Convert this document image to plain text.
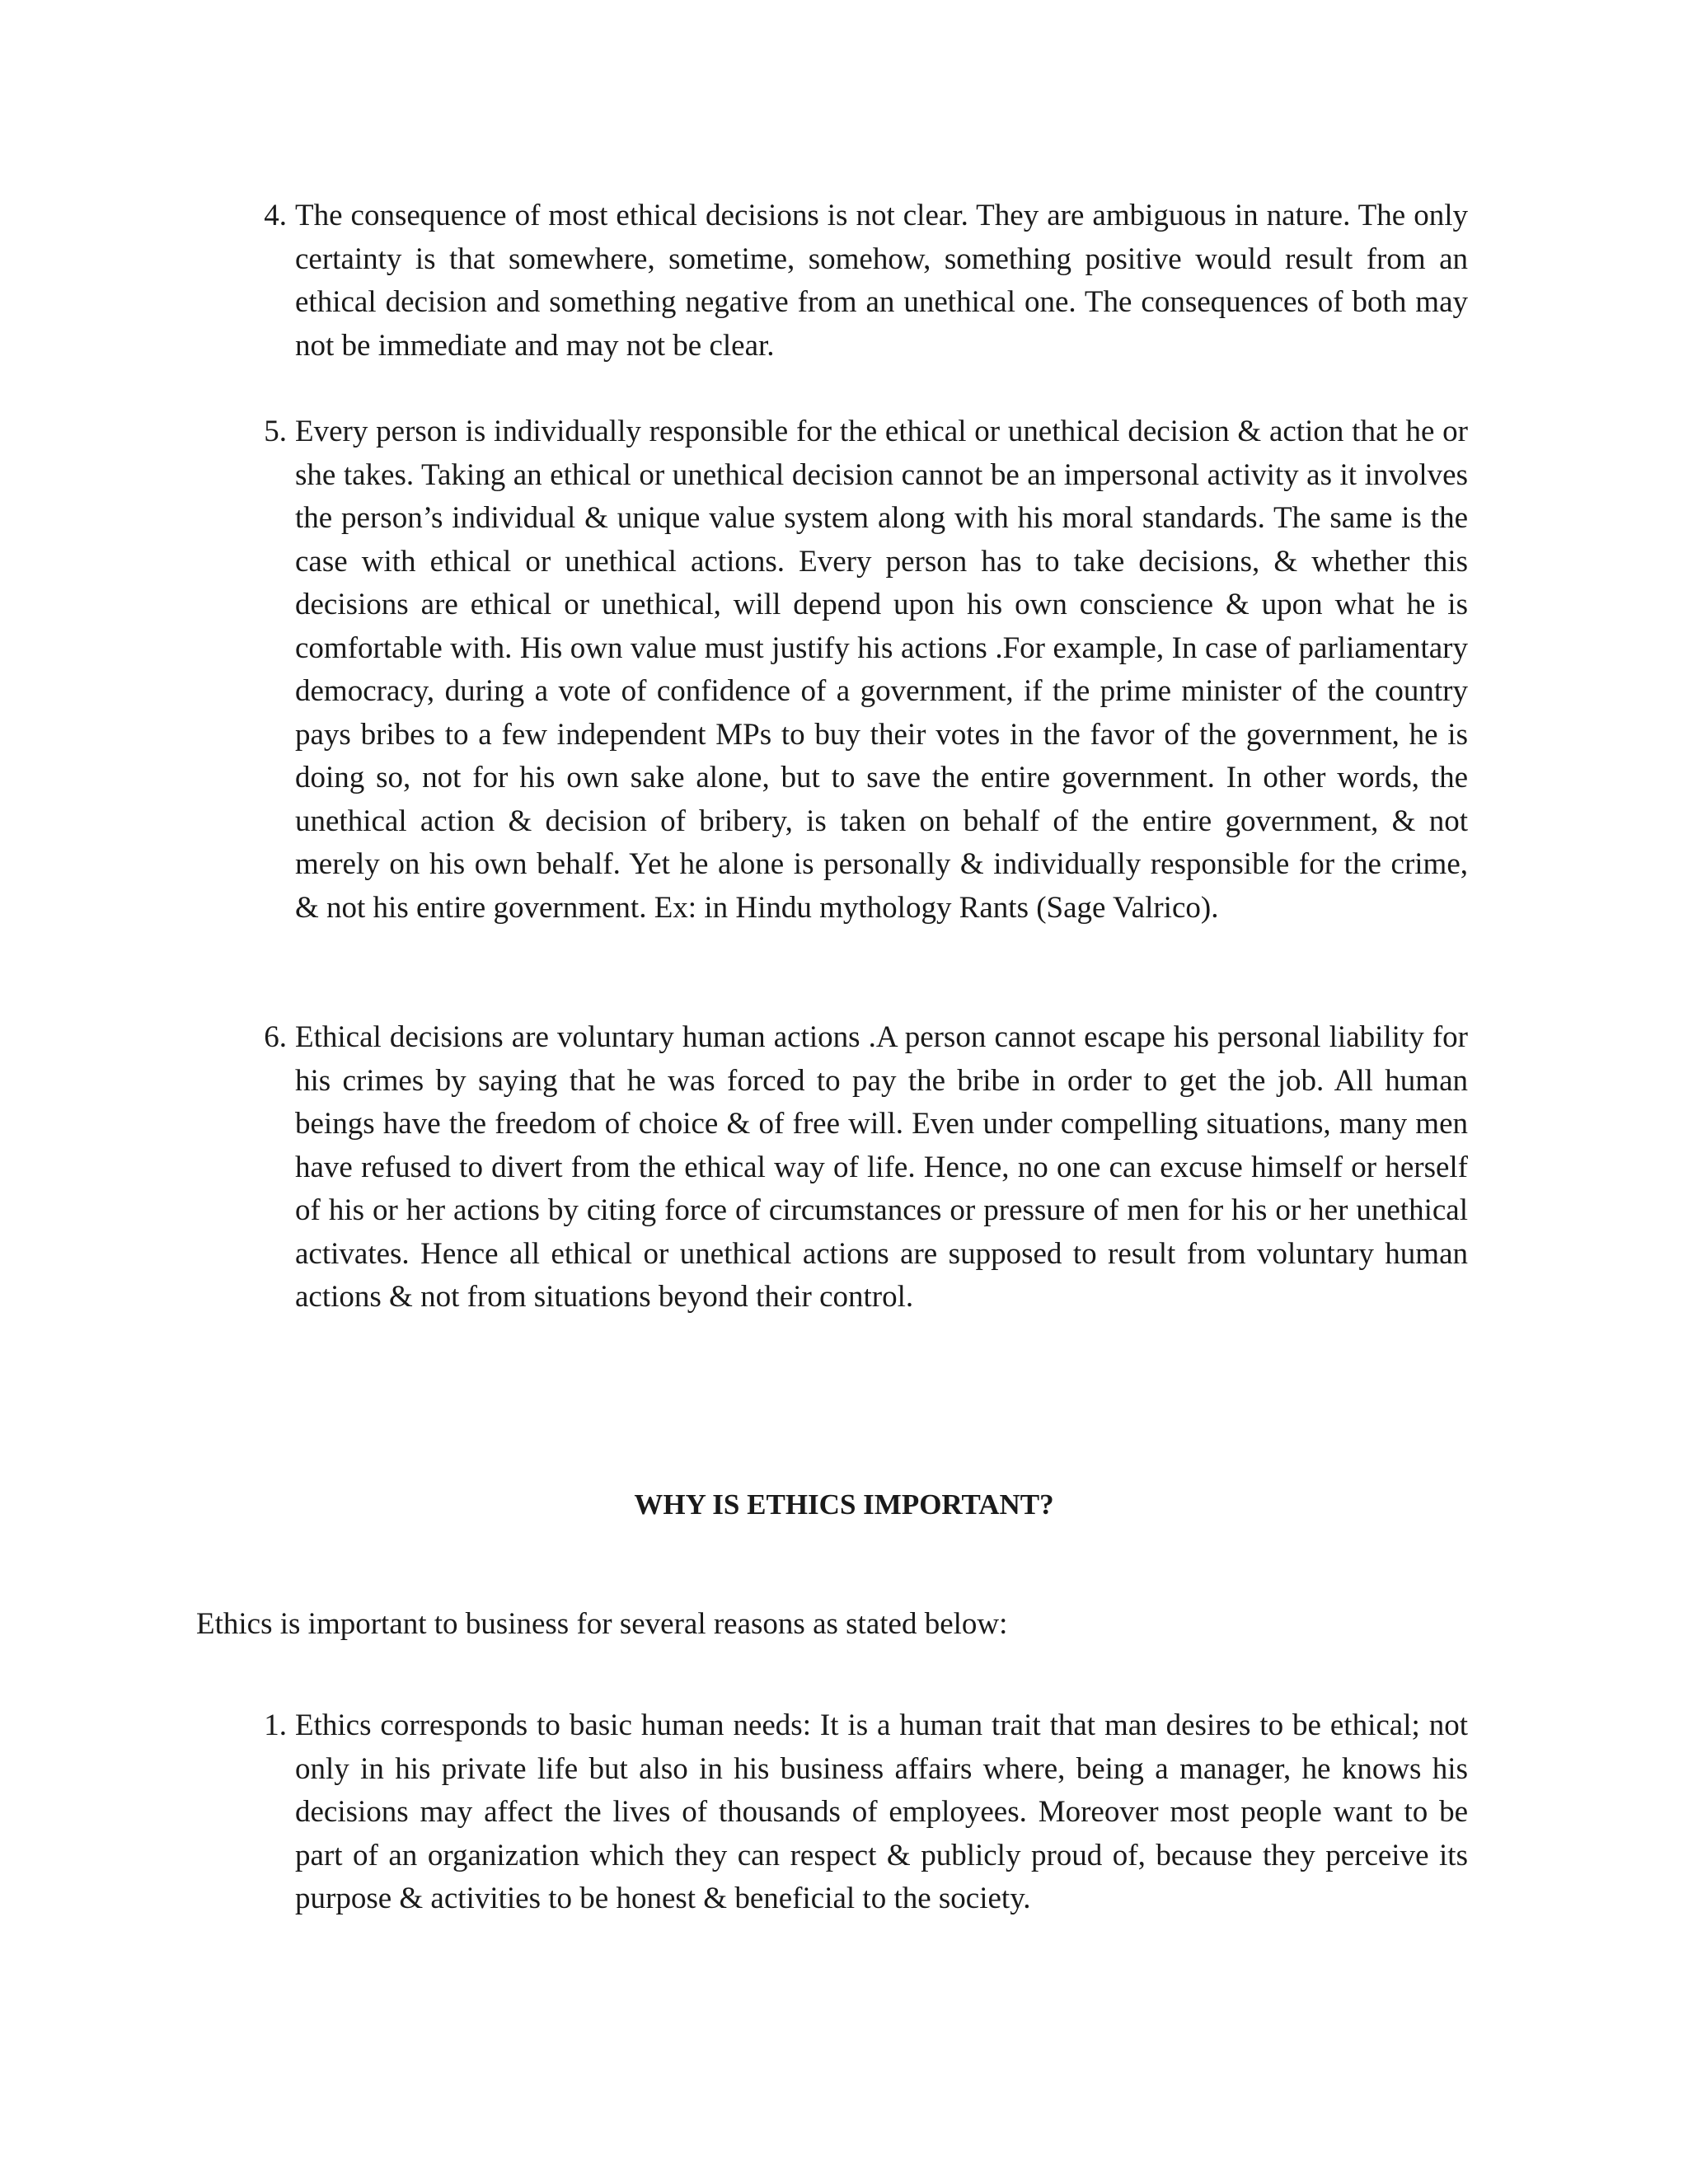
4. The consequence of most ethical decisions is not clear. They are ambiguous in nature. The only certainty is that somewhere, sometime, somehow, something positive would result from an ethical decision and something negative from an unethical one. The consequences of both may not be immediate and may not be clear.
5. Every person is individually responsible for the ethical or unethical decision & action that he or she takes. Taking an ethical or unethical decision cannot be an impersonal activity as it involves the person’s individual & unique value system along with his moral standards. The same is the case with ethical or unethical actions. Every person has to take decisions, & whether this decisions are ethical or unethical, will depend upon his own conscience & upon what he is comfortable with. His own value must justify his actions .For example, In case of parliamentary democracy, during a vote of confidence of a government, if the prime minister of the country pays bribes to a few independent MPs to buy their votes in the favor of the government, he is doing so, not for his own sake alone, but to save the entire government. In other words, the unethical action & decision of bribery, is taken on behalf of the entire government, & not merely on his own behalf. Yet he alone is personally & individually responsible for the crime, & not his entire government. Ex: in Hindu mythology Rants (Sage Valrico).
6. Ethical decisions are voluntary human actions .A person cannot escape his personal liability for his crimes by saying that he was forced to pay the bribe in order to get the job. All human beings have the freedom of choice & of free will. Even under compelling situations, many men have refused to divert from the ethical way of life. Hence, no one can excuse himself or herself of his or her actions by citing force of circumstances or pressure of men for his or her unethical activates. Hence all ethical or unethical actions are supposed to result from voluntary human actions & not from situations beyond their control.
WHY IS ETHICS IMPORTANT?
Ethics is important to business for several reasons as stated below:
1. Ethics corresponds to basic human needs: It is a human trait that man desires to be ethical; not only in his private life but also in his business affairs where, being a manager, he knows his decisions may affect the lives of thousands of employees. Moreover most people want to be part of an organization which they can respect & publicly proud of, because they perceive its purpose & activities to be honest & beneficial to the society.
